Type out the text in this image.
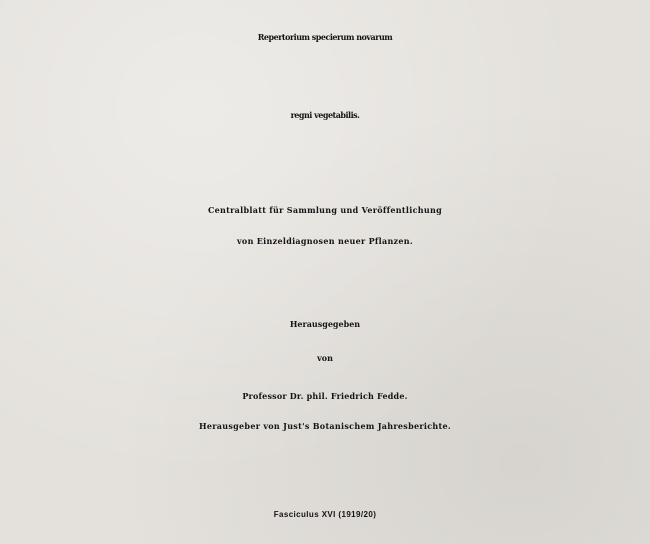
Repertorium specierum novarum
regni vegetabilis.
Centralblatt für Sammlung und Veröffentlichung
von Einzeldiagnosen neuer Pflanzen.
Herausgegeben
von
Professor Dr. phil. Friedrich Fedde.
Herausgeber von Just's Botanischem Jahresberichte.
Fasciculus XVI (1919/20)
